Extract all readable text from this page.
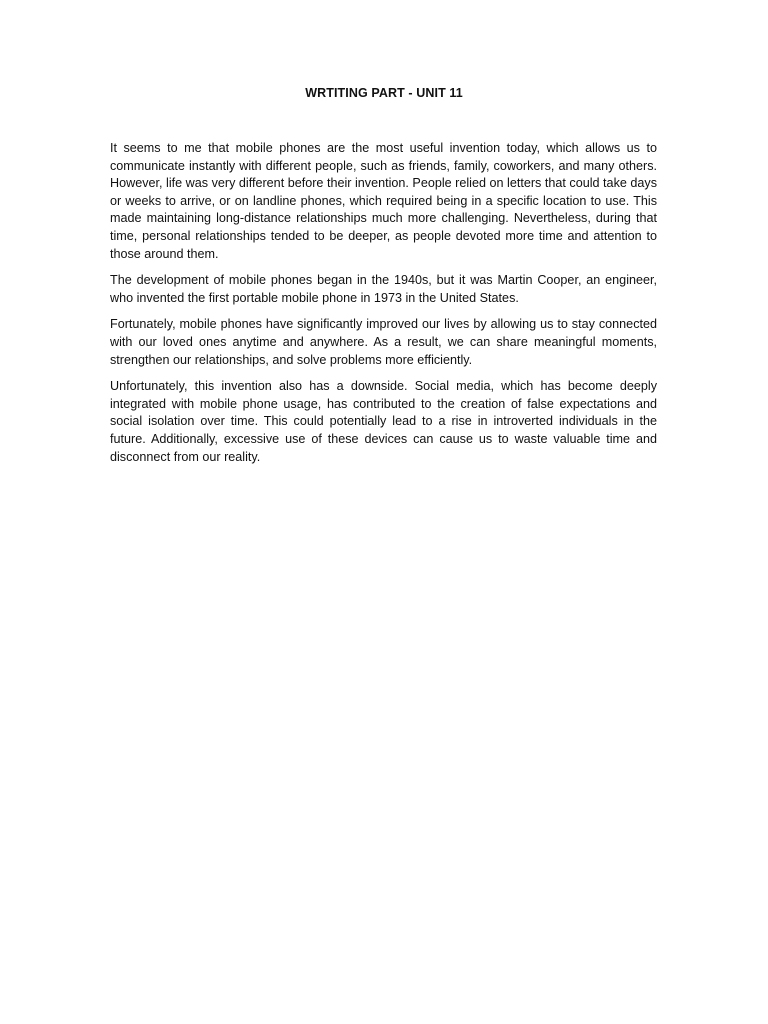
WRTITING PART - UNIT 11

It seems to me that mobile phones are the most useful invention today, which allows us to communicate instantly with different people, such as friends, family, coworkers, and many others. However, life was very different before their invention. People relied on letters that could take days or weeks to arrive, or on landline phones, which required being in a specific location to use. This made maintaining long-distance relationships much more challenging. Nevertheless, during that time, personal relationships tended to be deeper, as people devoted more time and attention to those around them.

The development of mobile phones began in the 1940s, but it was Martin Cooper, an engineer, who invented the first portable mobile phone in 1973 in the United States.

Fortunately, mobile phones have significantly improved our lives by allowing us to stay connected with our loved ones anytime and anywhere. As a result, we can share meaningful moments, strengthen our relationships, and solve problems more efficiently.

Unfortunately, this invention also has a downside. Social media, which has become deeply integrated with mobile phone usage, has contributed to the creation of false expectations and social isolation over time. This could potentially lead to a rise in introverted individuals in the future. Additionally, excessive use of these devices can cause us to waste valuable time and disconnect from our reality.
